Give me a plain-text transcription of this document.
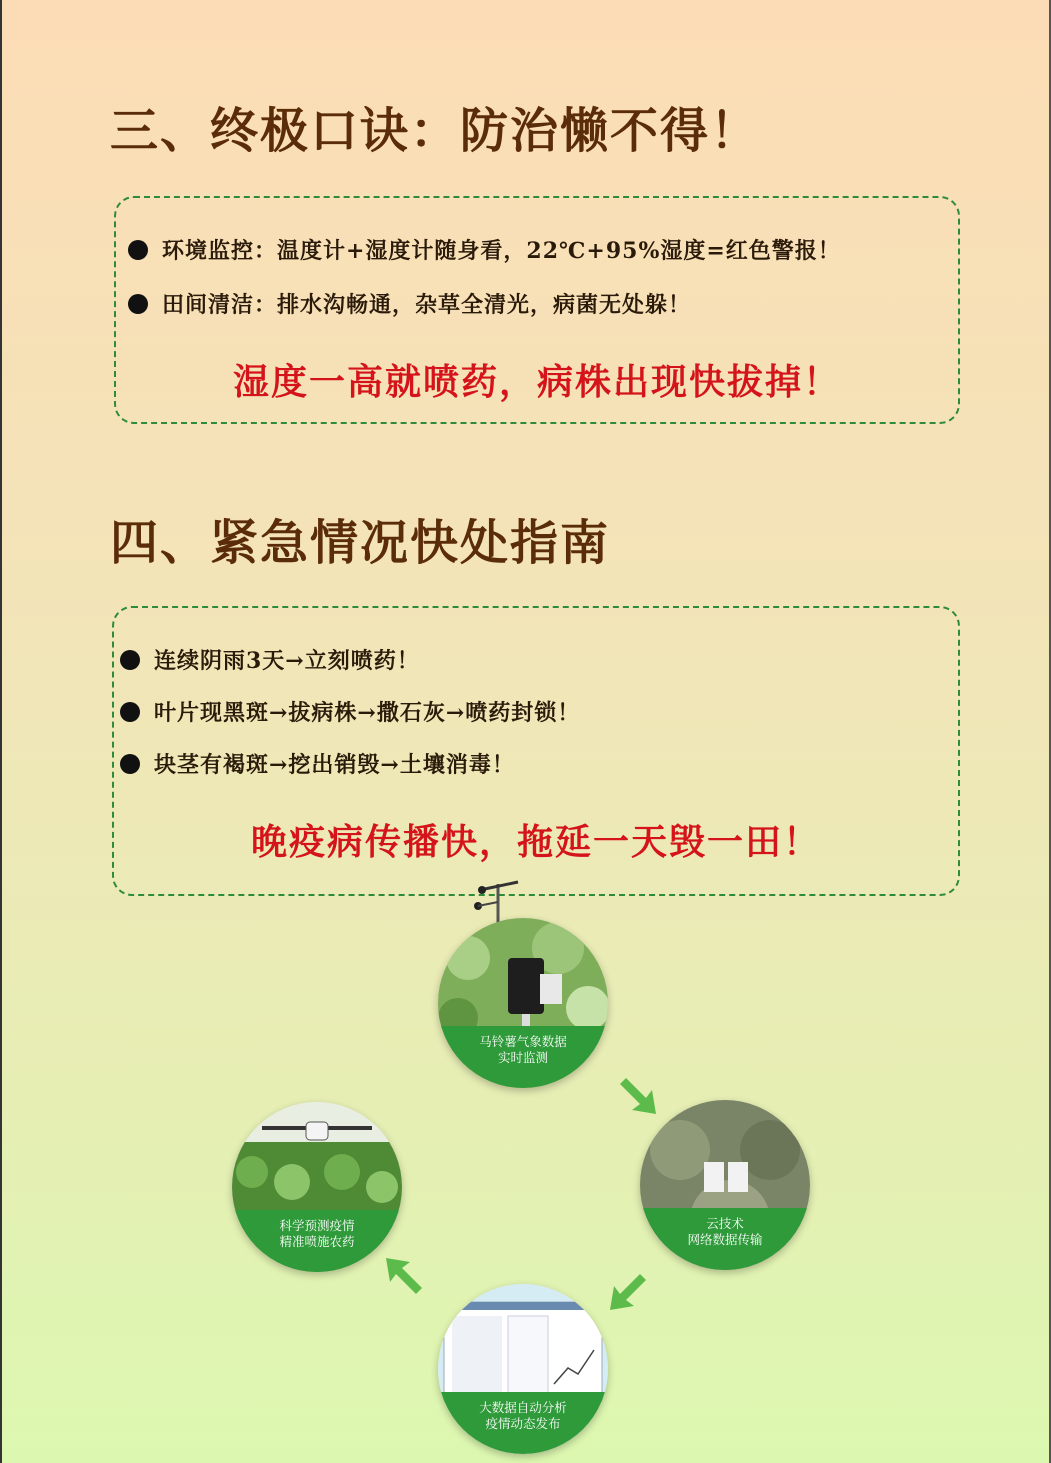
三、终极口诀：防治懒不得！
环境监控：温度计+湿度计随身看，22℃+95%湿度=红色警报！
田间清洁：排水沟畅通，杂草全清光，病菌无处躲！
湿度一高就喷药，病株出现快拔掉！
四、紧急情况快处指南
连续阴雨3天→立刻喷药！
叶片现黑斑→拔病株→撒石灰→喷药封锁！
块茎有褐斑→挖出销毁→土壤消毒！
晚疫病传播快，拖延一天毁一田！
马铃薯气象数据
实时监测
云技术
网络数据传输
大数据自动分析
疫情动态发布
科学预测疫情
精准喷施农药
